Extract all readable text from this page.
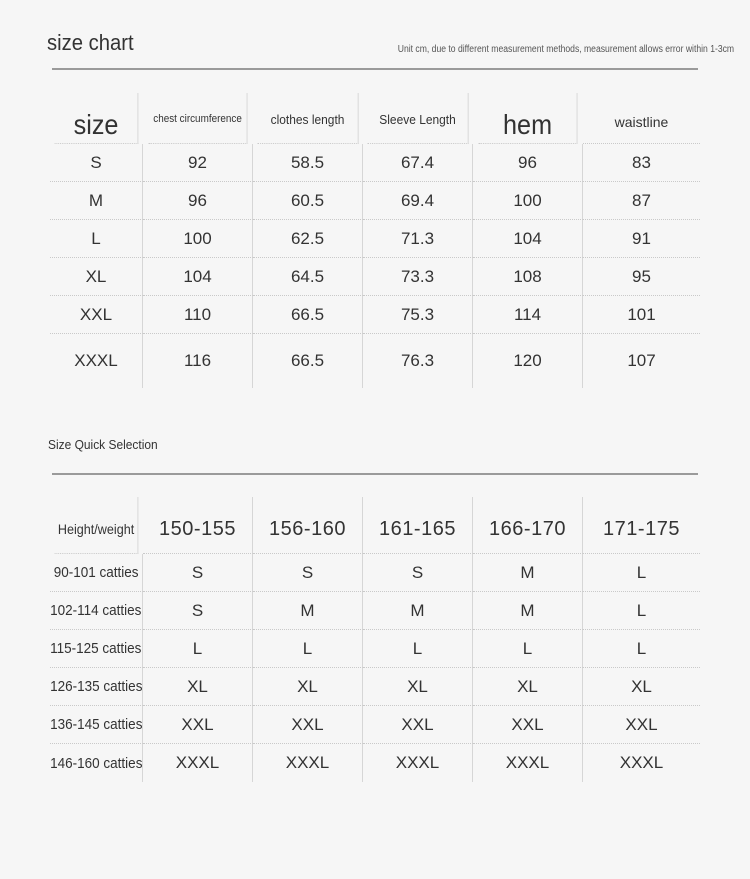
size chart	Unit cm, due to different measurement methods, measurement allows error within 1-3cm
size	chest circumference	clothes length	Sleeve Length	hem	waistline
S	92	58.5	67.4	96	83
M	96	60.5	69.4	100	87
L	100	62.5	71.3	104	91
XL	104	64.5	73.3	108	95
XXL	110	66.5	75.3	114	101
XXXL	116	66.5	76.3	120	107
Size Quick Selection
Height/weight	150-155	156-160	161-165	166-170	171-175
90-101 catties	S	S	S	M	L
102-114 catties	S	M	M	M	L
115-125 catties	L	L	L	L	L
126-135 catties	XL	XL	XL	XL	XL
136-145 catties	XXL	XXL	XXL	XXL	XXL
146-160 catties	XXXL	XXXL	XXXL	XXXL	XXXL
